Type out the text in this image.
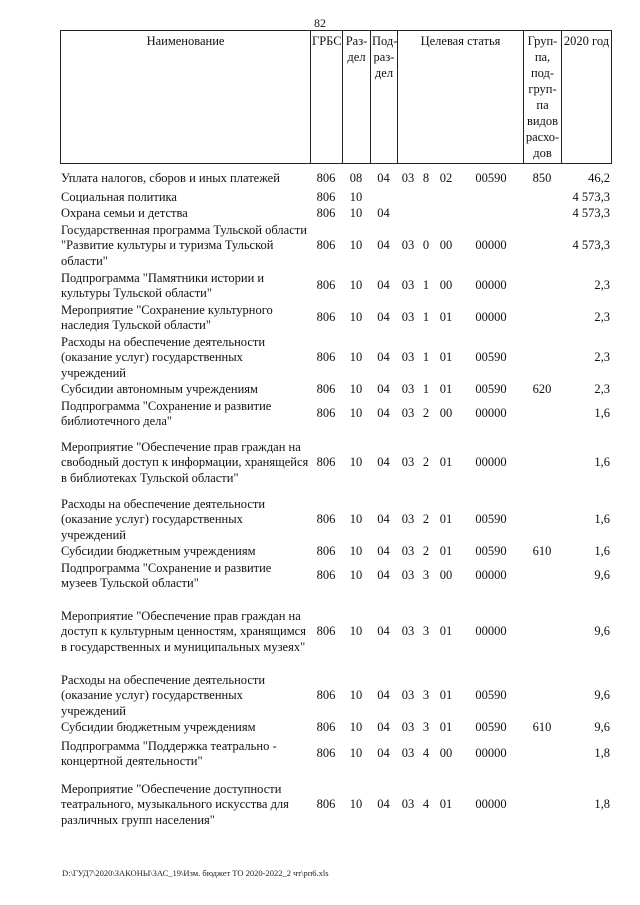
82
Наименование	ГРБС	Раз-дел	Под-раз-дел	Целевая статья	Груп-па, под-груп-па видов расхо-дов	2020 год
Уплата налогов, сборов и иных платежей	806	08	04	03	8	02	00590	850	46,2
Социальная политика	806	10							4 573,3
Охрана семьи и детства	806	10	04						4 573,3
Государственная программа Тульской области "Развитие культуры и туризма Тульской области"	806	10	04	03	0	00	00000		4 573,3
Подпрограмма "Памятники истории и культуры Тульской области"	806	10	04	03	1	00	00000		2,3
Мероприятие "Сохранение культурного наследия Тульской области"	806	10	04	03	1	01	00000		2,3
Расходы на обеспечение деятельности (оказание услуг) государственных учреждений	806	10	04	03	1	01	00590		2,3
Субсидии автономным учреждениям	806	10	04	03	1	01	00590	620	2,3
Подпрограмма "Сохранение и развитие библиотечного дела"	806	10	04	03	2	00	00000		1,6
Мероприятие "Обеспечение прав граждан на свободный доступ к информации, хранящейся в библиотеках Тульской области"	806	10	04	03	2	01	00000		1,6
Расходы на обеспечение деятельности (оказание услуг) государственных учреждений	806	10	04	03	2	01	00590		1,6
Субсидии бюджетным учреждениям	806	10	04	03	2	01	00590	610	1,6
Подпрограмма "Сохранение и развитие музеев Тульской области"	806	10	04	03	3	00	00000		9,6
Мероприятие "Обеспечение прав граждан на доступ к культурным ценностям, хранящимся в государственных и муниципальных музеях"	806	10	04	03	3	01	00000		9,6
Расходы на обеспечение деятельности (оказание услуг) государственных учреждений	806	10	04	03	3	01	00590		9,6
Субсидии бюджетным учреждениям	806	10	04	03	3	01	00590	610	9,6
Подпрограмма "Поддержка театрально - концертной деятельности"	806	10	04	03	4	00	00000		1,8
Мероприятие "Обеспечение доступности театрального, музыкального искусства для различных групп населения"	806	10	04	03	4	01	00000		1,8
D:\ГУД7\2020\ЗАКОНЫ\ЗАС_19\Изм. бюджет ТО 2020-2022_2 чт\рп6.xls
